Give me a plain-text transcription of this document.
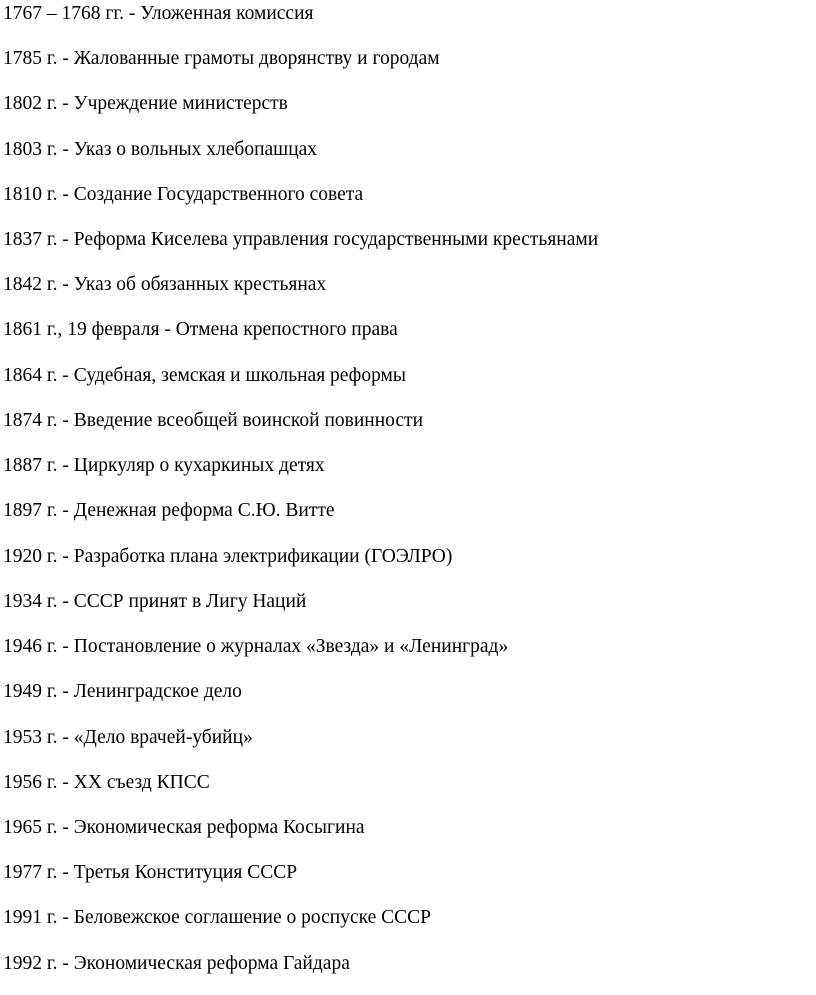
1767 – 1768 гг. - Уложенная комиссия
1785 г. - Жалованные грамоты дворянству и городам
1802 г. - Учреждение министерств
1803 г. - Указ о вольных хлебопашцах
1810 г. - Создание Государственного совета
1837 г. - Реформа Киселева управления государственными крестьянами
1842 г. - Указ об обязанных крестьянах
1861 г., 19 февраля - Отмена крепостного права
1864 г. - Судебная, земская и школьная реформы
1874 г. - Введение всеобщей воинской повинности
1887 г. - Циркуляр о кухаркиных детях
1897 г. - Денежная реформа С.Ю. Витте
1920 г. - Разработка плана электрификации (ГОЭЛРО)
1934 г. - СССР принят в Лигу Наций
1946 г. - Постановление о журналах «Звезда» и «Ленинград»
1949 г. - Ленинградское дело
1953 г. - «Дело врачей-убийц»
1956 г. - XX съезд КПСС
1965 г. - Экономическая реформа Косыгина
1977 г. - Третья Конституция СССР
1991 г. - Беловежское соглашение о роспуске СССР
1992 г. - Экономическая реформа Гайдара
